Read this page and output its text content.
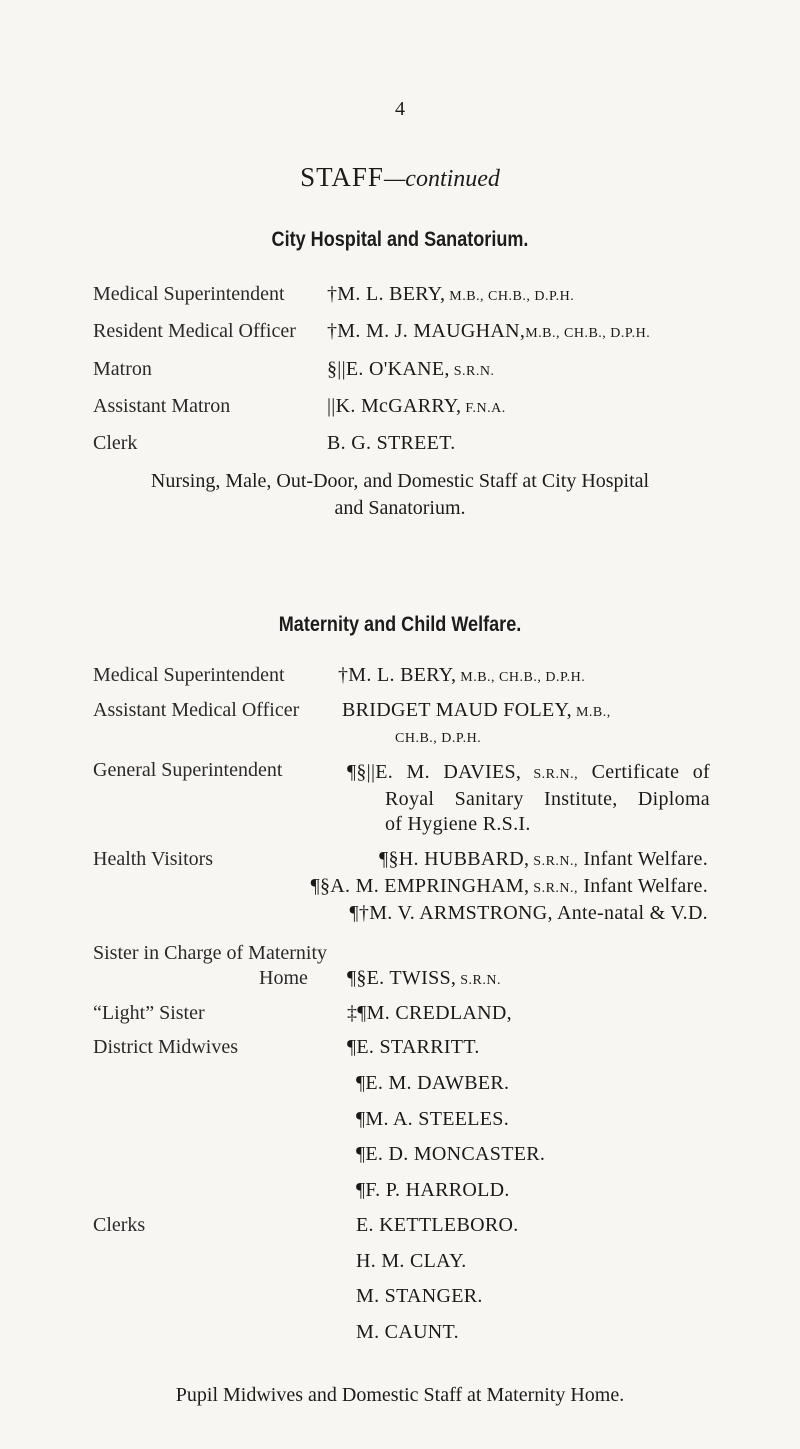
4
STAFF—continued
City Hospital and Sanatorium.
Medical Superintendent †M. L. BERY, M.B., CH.B., D.P.H.
Resident Medical Officer †M. M. J. MAUGHAN,M.B., CH.B., D.P.H.
Matron	§||E. O'KANE, S.R.N.
Assistant Matron	||K. McGARRY, F.N.A.
Clerk	B. G. STREET.
Nursing, Male, Out-Door, and Domestic Staff at City Hospital
and Sanatorium.
Maternity and Child Welfare.
Medical Superintendent	†M. L. BERY, M.B., CH.B., D.P.H.
Assistant Medical Officer BRIDGET MAUD FOLEY, M.B.,
CH.B., D.P.H.
General Superintendent	¶§||E. M. DAVIES, S.R.N., Certificate of
Royal Sanitary Institute, Diploma
of Hygiene R.S.I.
Health Visitors	¶§H. HUBBARD, S.R.N., Infant Welfare.
¶§A. M. EMPRINGHAM, S.R.N., Infant Welfare.
¶†M. V. ARMSTRONG, Ante-natal & V.D.
Sister in Charge of Maternity
Home ¶§E. TWISS, S.R.N.
“Light” Sister	‡¶M. CREDLAND,
District Midwives	¶E. STARRITT.
¶E. M. DAWBER.
¶M. A. STEELES.
¶E. D. MONCASTER.
¶F. P. HARROLD.
Clerks	E. KETTLEBORO.
H. M. CLAY.
M. STANGER.
M. CAUNT.
Pupil Midwives and Domestic Staff at Maternity Home.
